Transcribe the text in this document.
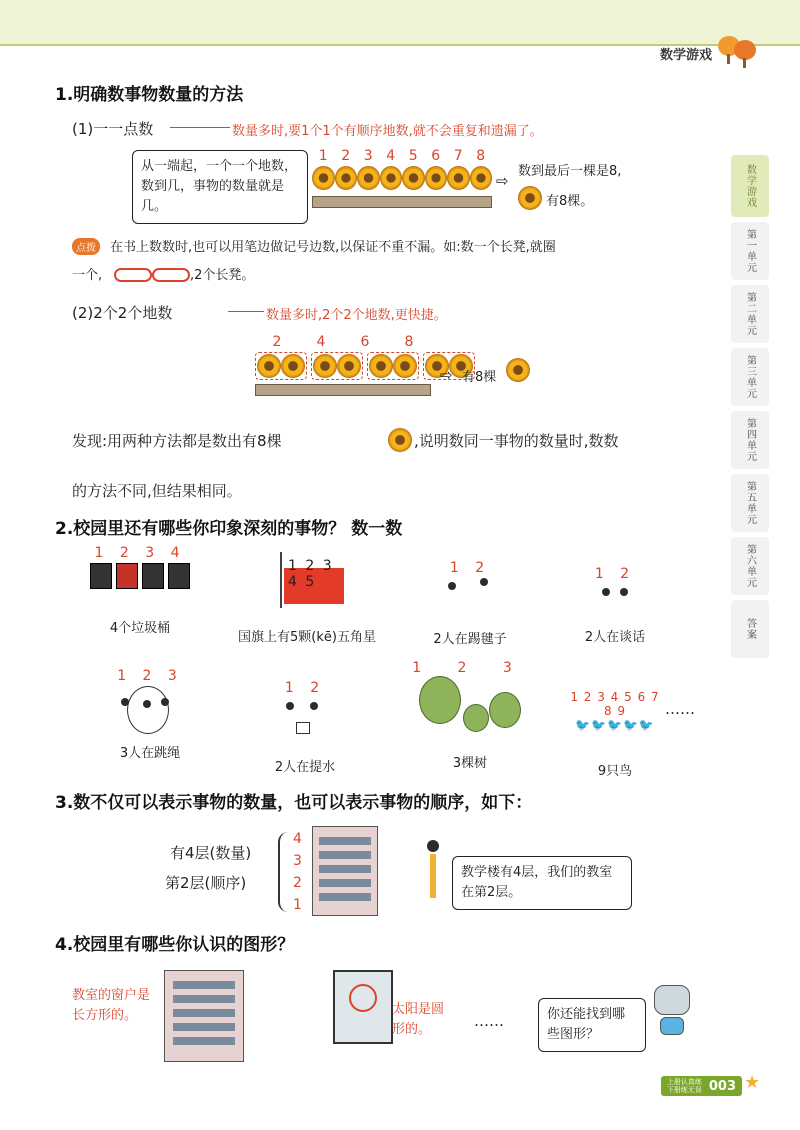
数学游戏
数学游戏
第一单元
第二单元
第三单元
第四单元
第五单元
第六单元
答案
1.明确数事物数量的方法
(1)一一点数	数量多时,要1个1个有顺序地数,就不会重复和遗漏了。
从一端起，一个一个地数，数到几，事物的数量就是几。
1 2 3 4 5 6 7 8
⇨
数到最后一棵是8,
有8棵。
点拨	在书上数数时,也可以用笔边做记号边数,以保证不重不漏。如:数一个长凳,就圈
一个,	,2个长凳。
(2)2个2个地数	数量多时,2个2个地数,更快捷。
2	4	6	8
⇨ 有8棵
发现:用两种方法都是数出有8棵	,说明数同一事物的数量时,数数
的方法不同,但结果相同。
2.校园里还有哪些你印象深刻的事物？ 数一数
1 2 3 4
4个垃圾桶
1 2 3 4 5
国旗上有5颗(kē)五角星
1 2
2人在踢毽子
1 2
2人在谈话
1 2 3
3人在跳绳
1 2
2人在提水
1 2 3
3棵树
1 2 3 4 5 6 7 8 9
🐦🐦🐦🐦🐦
9只鸟
……
3.数不仅可以表示事物的数量，也可以表示事物的顺序，如下：
有4层(数量)
第2层(顺序)
4
3
2
1
教学楼有4层，我们的教室在第2层。
4.校园里有哪些你认识的图形？
教室的窗户是长方形的。	太阳是圆形的。	……	你还能找到哪些图形？
上册认真练 下册练无误 003 ★
